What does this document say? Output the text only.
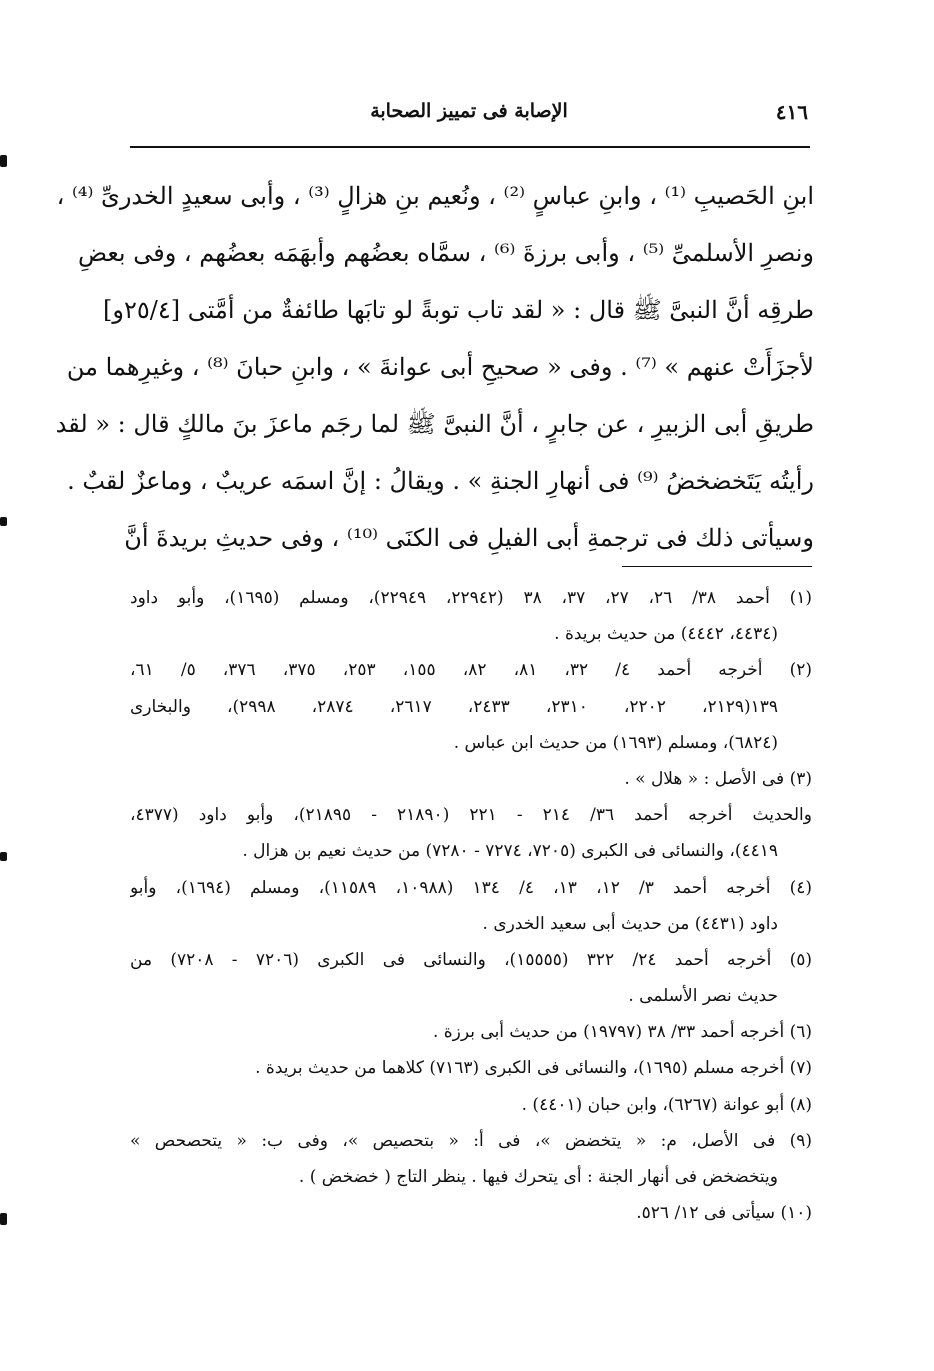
٤١٦
الإصابة فى تمييز الصحابة
ابنِ الحَصيبِ ⁽¹⁾ ، وابنِ عباسٍ ⁽²⁾ ، ونُعيم بنِ هزالٍ ⁽³⁾ ، وأبى سعيدٍ الخدرىِّ ⁽⁴⁾ ،
ونصرِ الأسلمىِّ ⁽⁵⁾ ، وأبى برزةَ ⁽⁶⁾ ، سمَّاه بعضُهم وأبهَمَه بعضُهم ، وفى بعضِ
طرقِه أنَّ النبىَّ ﷺ قال : « لقد تاب توبةً لو تابَها طائفةٌ من أمَّتى [٢٥/٤و]
لأجزَأَتْ عنهم » ⁽⁷⁾ . وفى « صحيحِ أبى عوانةَ » ، وابنِ حبانَ ⁽⁸⁾ ، وغيرِهما من
طريقِ أبى الزبيرِ ، عن جابرٍ ، أنَّ النبىَّ ﷺ لما رجَم ماعزَ بنَ مالكٍ قال : « لقد
رأيتُه يَتَخضخضُ ⁽⁹⁾ فى أنهارِ الجنةِ » . ويقالُ : إنَّ اسمَه عريبٌ ، وماعزٌ لقبٌ .
وسيأتى ذلك فى ترجمةِ أبى الفيلِ فى الكنَى ⁽¹⁰⁾ ، وفى حديثِ بريدةَ أنَّ
(١) أحمد ٣٨/ ٢٦، ٢٧، ٣٧، ٣٨ (٢٢٩٤٢، ٢٢٩٤٩)، ومسلم (١٦٩٥)، وأبو داود
(٤٤٣٤، ٤٤٤٢) من حديث بريدة .
(٢) أخرجه أحمد ٤/ ٣٢، ٨١، ٨٢، ١٥٥، ٢٥٣، ٣٧٥، ٣٧٦، ٥/ ٦١،
١٣٩(٢١٢٩، ٢٢٠٢، ٢٣١٠، ٢٤٣٣، ٢٦١٧، ٢٨٧٤، ٢٩٩٨)، والبخارى
(٦٨٢٤)، ومسلم (١٦٩٣) من حديث ابن عباس .
(٣) فى الأصل : « هلال » .
والحديث أخرجه أحمد ٣٦/ ٢١٤ - ٢٢١ (٢١٨٩٠ - ٢١٨٩٥)، وأبو داود (٤٣٧٧،
٤٤١٩)، والنسائى فى الكبرى (٧٢٠٥، ٧٢٧٤ - ٧٢٨٠) من حديث نعيم بن هزال .
(٤) أخرجه أحمد ٣/ ١٢، ١٣، ٤/ ١٣٤ (١٠٩٨٨، ١١٥٨٩)، ومسلم (١٦٩٤)، وأبو
داود (٤٤٣١) من حديث أبى سعيد الخدرى .
(٥) أخرجه أحمد ٢٤/ ٣٢٢ (١٥٥٥٥)، والنسائى فى الكبرى (٧٢٠٦ - ٧٢٠٨) من
حديث نصر الأسلمى .
(٦) أخرجه أحمد ٣٣/ ٣٨ (١٩٧٩٧) من حديث أبى برزة .
(٧) أخرجه مسلم (١٦٩٥)، والنسائى فى الكبرى (٧١٦٣) كلاهما من حديث بريدة .
(٨) أبو عوانة (٦٢٦٧)، وابن حبان (٤٤٠١) .
(٩) فى الأصل، م: « يتخضض »، فى أ: « بتحصيص »، وفى ب: « يتحصحص »
ويتخضخض فى أنهار الجنة : أى يتحرك فيها . ينظر التاج ( خضخض ) .
(١٠) سيأتى فى ١٢/ ٥٢٦.
